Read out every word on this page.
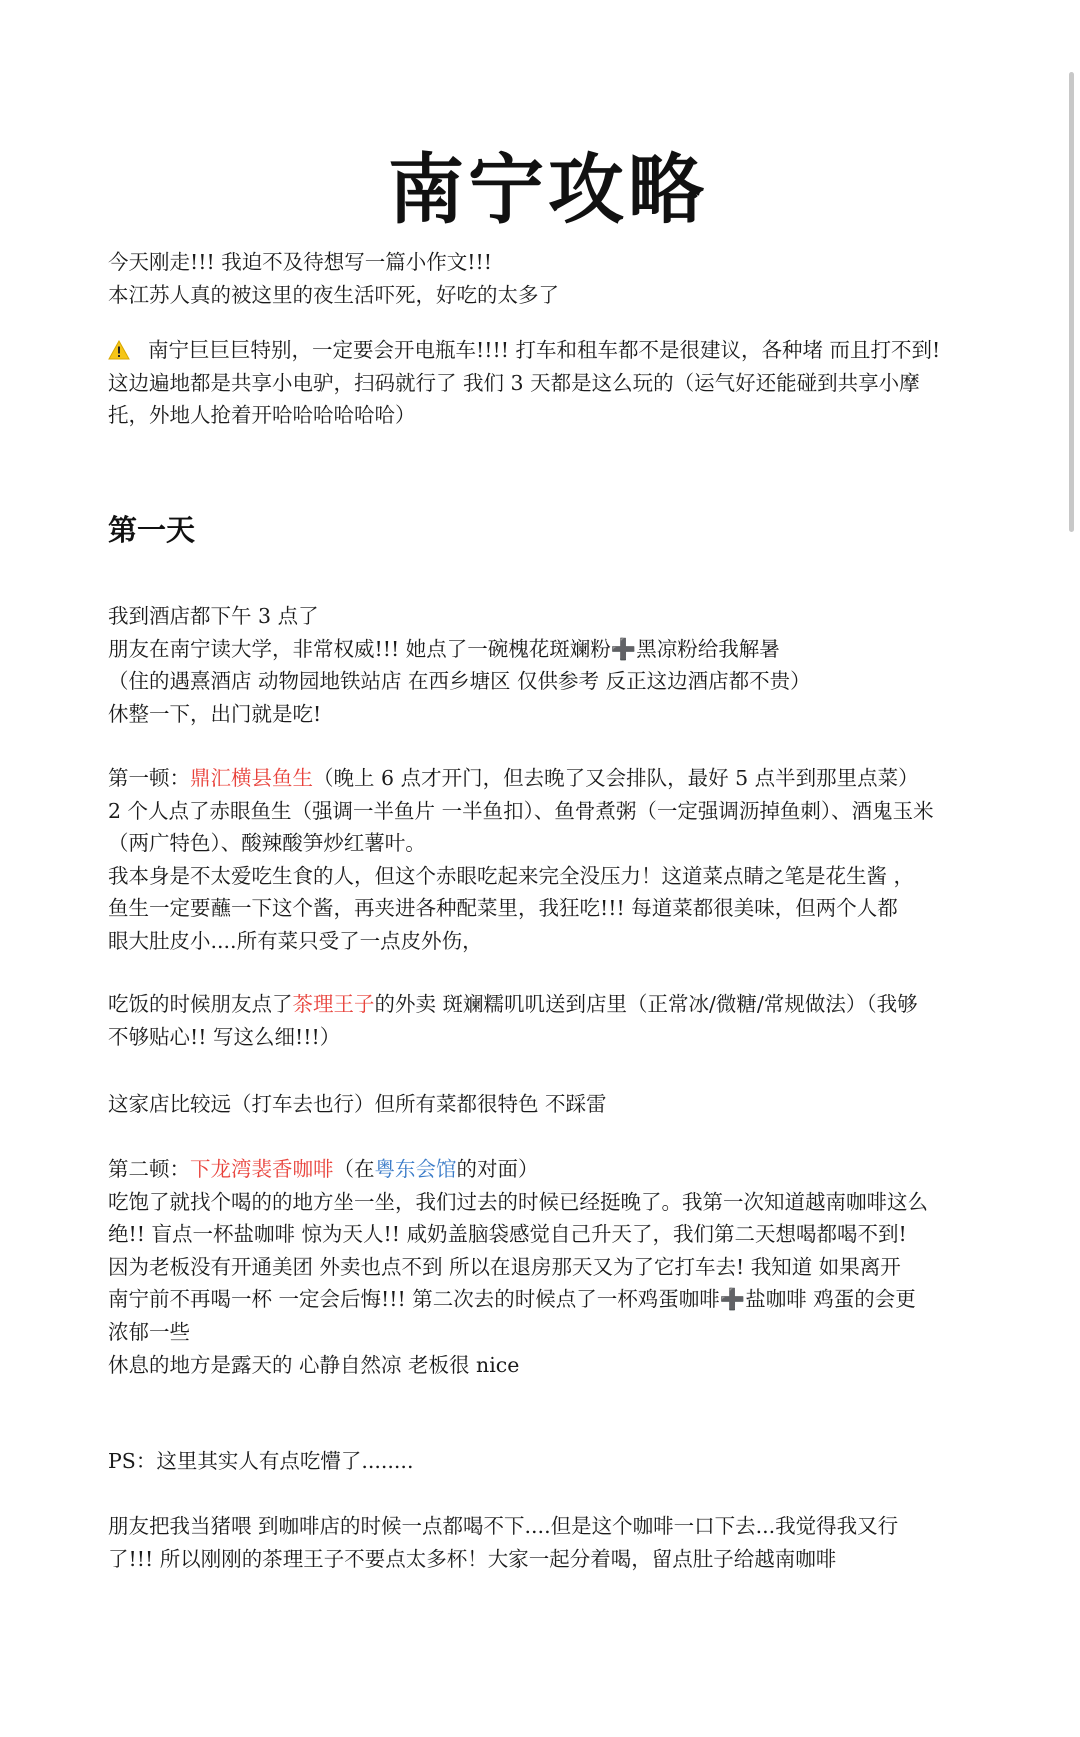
南宁攻略

今天刚走!!! 我迫不及待想写一篇小作文!!!
本江苏人真的被这里的夜生活吓死，好吃的太多了

南宁巨巨巨特别，一定要会开电瓶车!!!! 打车和租车都不是很建议，各种堵 而且打不到!
这边遍地都是共享小电驴，扫码就行了 我们 3 天都是这么玩的（运气好还能碰到共享小摩
托，外地人抢着开哈哈哈哈哈哈）

第一天

我到酒店都下午 3 点了
朋友在南宁读大学，非常权威!!! 她点了一碗槐花斑斓粉➕黑凉粉给我解暑
（住的遇熹酒店 动物园地铁站店 在西乡塘区 仅供参考 反正这边酒店都不贵）
休整一下，出门就是吃!

第一顿：鼎汇横县鱼生（晚上 6 点才开门，但去晚了又会排队，最好 5 点半到那里点菜）
2 个人点了赤眼鱼生（强调一半鱼片 一半鱼扣）、鱼骨煮粥（一定强调沥掉鱼刺）、酒鬼玉米
（两广特色）、酸辣酸笋炒红薯叶。
我本身是不太爱吃生食的人，但这个赤眼吃起来完全没压力！这道菜点睛之笔是花生酱 ，
鱼生一定要蘸一下这个酱，再夹进各种配菜里，我狂吃!!! 每道菜都很美味，但两个人都
眼大肚皮小....所有菜只受了一点皮外伤，

吃饭的时候朋友点了茶理王子的外卖 斑斓糯叽叽送到店里（正常冰/微糖/常规做法）（我够
不够贴心!! 写这么细!!!）

这家店比较远（打车去也行）但所有菜都很特色 不踩雷

第二顿：下龙湾裴香咖啡（在粤东会馆的对面）
吃饱了就找个喝的的地方坐一坐，我们过去的时候已经挺晚了。我第一次知道越南咖啡这么
绝!! 盲点一杯盐咖啡 惊为天人!! 咸奶盖脑袋感觉自己升天了，我们第二天想喝都喝不到!
因为老板没有开通美团 外卖也点不到 所以在退房那天又为了它打车去! 我知道 如果离开
南宁前不再喝一杯 一定会后悔!!! 第二次去的时候点了一杯鸡蛋咖啡➕盐咖啡 鸡蛋的会更
浓郁一些
休息的地方是露天的 心静自然凉 老板很 nice

PS：这里其实人有点吃懵了........

朋友把我当猪喂 到咖啡店的时候一点都喝不下....但是这个咖啡一口下去...我觉得我又行
了!!! 所以刚刚的茶理王子不要点太多杯！大家一起分着喝，留点肚子给越南咖啡
